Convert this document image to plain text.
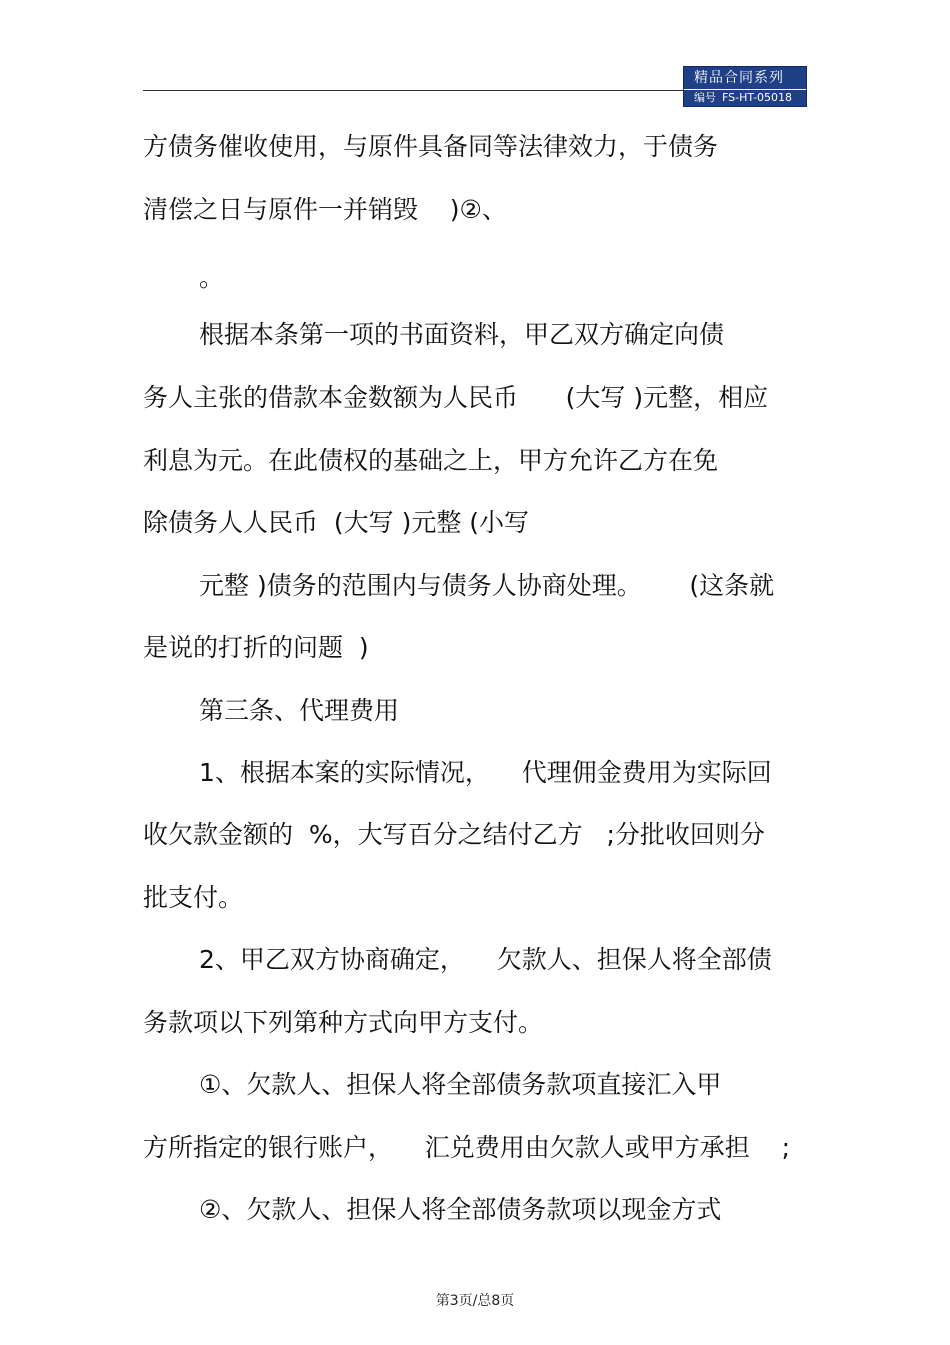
精品合同系列
编号 FS-HT-05018
方债务催收使用，与原件具备同等法律效力，于债务
清偿之日与原件一并销毁    )②、
。
根据本条第一项的书面资料，甲乙双方确定向债
务人主张的借款本金数额为人民币      (大写 )元整，相应
利息为元。在此债权的基础之上，甲方允许乙方在免
除债务人人民币  (大写 )元整 (小写
元整 )债务的范围内与债务人协商处理。      (这条就
是说的打折的问题  )
第三条、代理费用
1、根据本案的实际情况，    代理佣金费用为实际回
收欠款金额的  %，大写百分之结付乙方   ;分批收回则分
批支付。
2、甲乙双方协商确定，    欠款人、担保人将全部债
务款项以下列第种方式向甲方支付。
①、欠款人、担保人将全部债务款项直接汇入甲
方所指定的银行账户，    汇兑费用由欠款人或甲方承担    ;
②、欠款人、担保人将全部债务款项以现金方式
第3页/总8页
